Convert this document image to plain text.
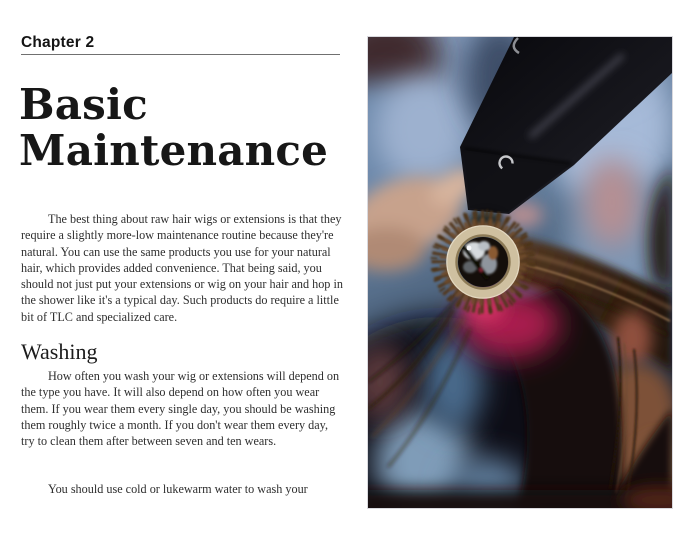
Chapter 2
Basic
Maintenance

The best thing about raw hair wigs or extensions is that they require a slightly more-low maintenance routine because they're natural. You can use the same products you use for your natural hair, which provides added convenience. That being said, you should not just put your extensions or wig on your hair and hop in the shower like it's a typical day. Such products do require a little bit of TLC and specialized care.

Washing

How often you wash your wig or extensions will depend on the type you have. It will also depend on how often you wear them. If you wear them every single day, you should be washing them roughly twice a month. If you don't wear them every day, try to clean them after between seven and ten wears.

You should use cold or lukewarm water to wash your
